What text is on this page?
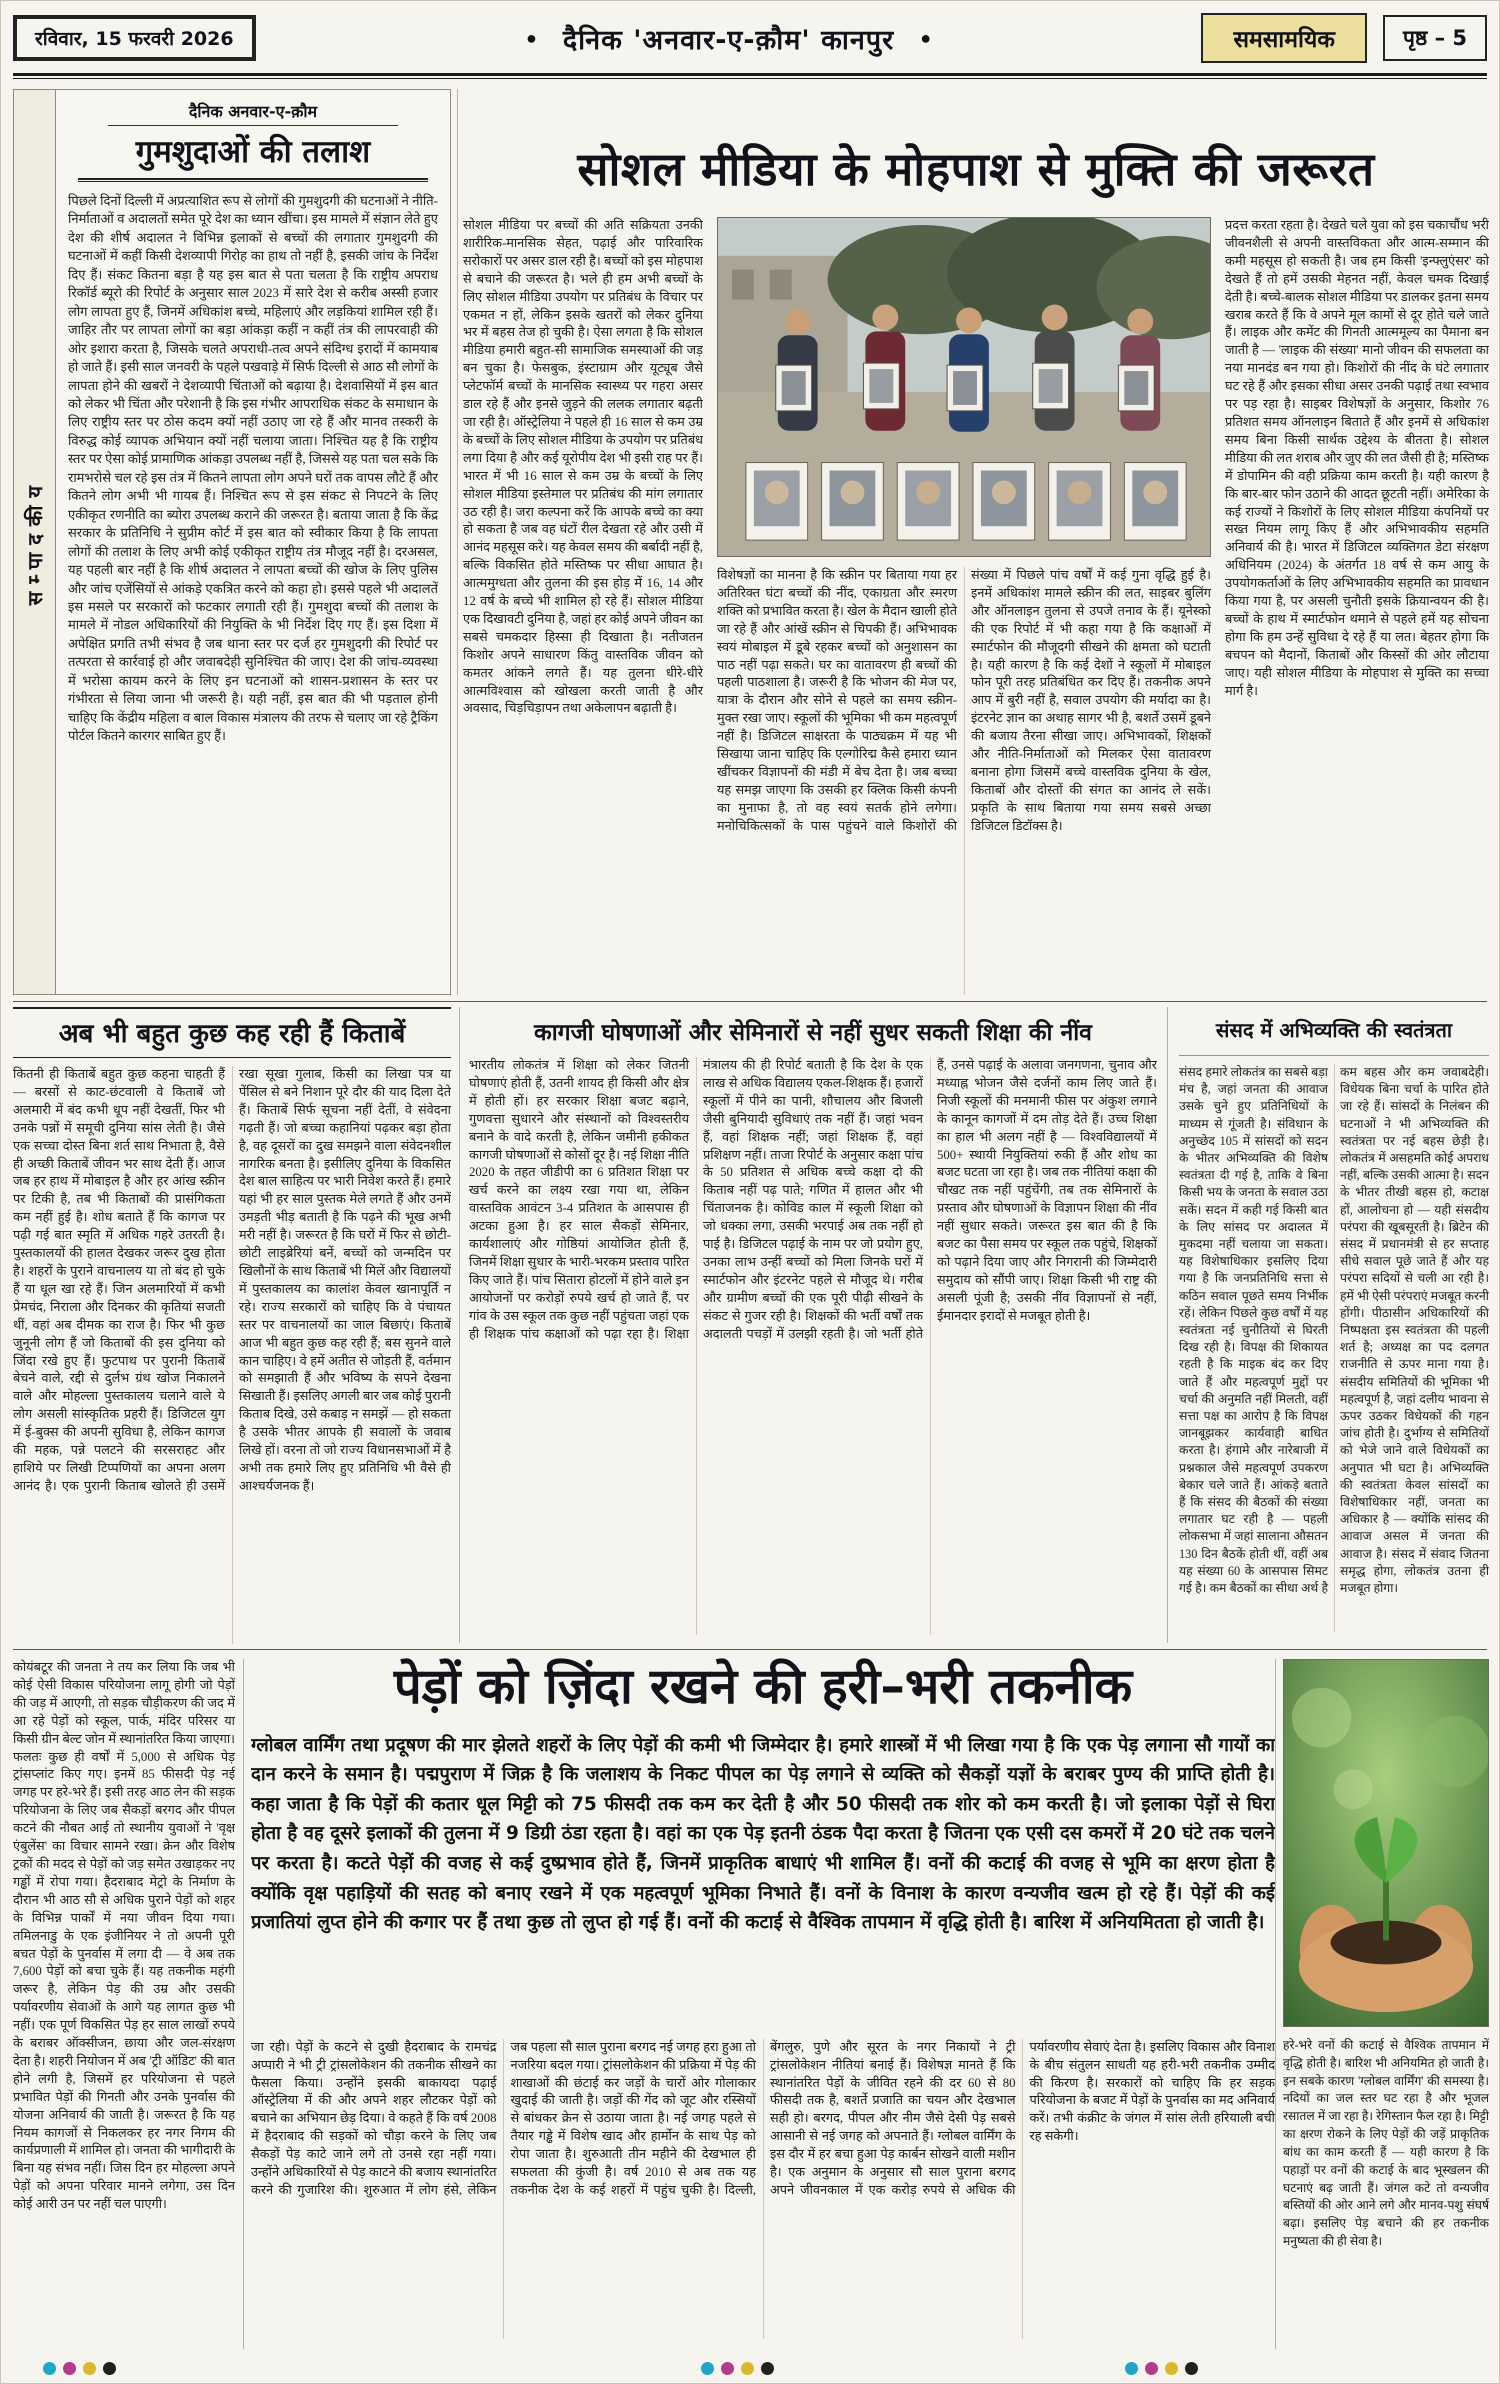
रविवार, 15 फरवरी 2026	● दैनिक 'अनवार-ए-क़ौम' कानपुर ●	समसामयिक	पृष्ठ – 5
सम्पादकीय
दैनिक अनवार-ए-क़ौम
गुमशुदाओं की तलाश
पिछले दिनों दिल्ली में अप्रत्याशित रूप से लोगों की गुमशुदगी की घटनाओं ने नीति-निर्माताओं व अदालतों समेत पूरे देश का ध्यान खींचा। इस मामले में संज्ञान लेते हुए देश की शीर्ष अदालत ने विभिन्न इलाकों से बच्चों की लगातार गुमशुदगी की घटनाओं में कहीं किसी देशव्यापी गिरोह का हाथ तो नहीं है, इसकी जांच के निर्देश दिए हैं। संकट कितना बड़ा है यह इस बात से पता चलता है कि राष्ट्रीय अपराध रिकॉर्ड ब्यूरो की रिपोर्ट के अनुसार साल 2023 में सारे देश से करीब अस्सी हजार लोग लापता हुए हैं, जिनमें अधिकांश बच्चे, महिलाएं और लड़कियां शामिल रही हैं। जाहिर तौर पर लापता लोगों का बड़ा आंकड़ा कहीं न कहीं तंत्र की लापरवाही की ओर इशारा करता है, जिसके चलते अपराधी-तत्व अपने संदिग्ध इरादों में कामयाब हो जाते हैं। इसी साल जनवरी के पहले पखवाड़े में सिर्फ दिल्ली से आठ सौ लोगों के लापता होने की खबरों ने देशव्यापी चिंताओं को बढ़ाया है। देशवासियों में इस बात को लेकर भी चिंता और परेशानी है कि इस गंभीर आपराधिक संकट के समाधान के लिए राष्ट्रीय स्तर पर ठोस कदम क्यों नहीं उठाए जा रहे हैं और मानव तस्करी के विरुद्ध कोई व्यापक अभियान क्यों नहीं चलाया जाता। निश्चित यह है कि राष्ट्रीय स्तर पर ऐसा कोई प्रामाणिक आंकड़ा उपलब्ध नहीं है, जिससे यह पता चल सके कि रामभरोसे चल रहे इस तंत्र में कितने लापता लोग अपने घरों तक वापस लौटे हैं और कितने लोग अभी भी गायब हैं। निश्चित रूप से इस संकट से निपटने के लिए एकीकृत रणनीति का ब्योरा उपलब्ध कराने की जरूरत है। बताया जाता है कि केंद्र सरकार के प्रतिनिधि ने सुप्रीम कोर्ट में इस बात को स्वीकार किया है कि लापता लोगों की तलाश के लिए अभी कोई एकीकृत राष्ट्रीय तंत्र मौजूद नहीं है। दरअसल, यह पहली बार नहीं है कि शीर्ष अदालत ने लापता बच्चों की खोज के लिए पुलिस और जांच एजेंसियों से आंकड़े एकत्रित करने को कहा हो। इससे पहले भी अदालतें इस मसले पर सरकारों को फटकार लगाती रही हैं। गुमशुदा बच्चों की तलाश के मामले में नोडल अधिकारियों की नियुक्ति के भी निर्देश दिए गए हैं। इस दिशा में अपेक्षित प्रगति तभी संभव है जब थाना स्तर पर दर्ज हर गुमशुदगी की रिपोर्ट पर तत्परता से कार्रवाई हो और जवाबदेही सुनिश्चित की जाए। देश की जांच-व्यवस्था में भरोसा कायम करने के लिए इन घटनाओं को शासन-प्रशासन के स्तर पर गंभीरता से लिया जाना भी जरूरी है। यही नहीं, इस बात की भी पड़ताल होनी चाहिए कि केंद्रीय महिला व बाल विकास मंत्रालय की तरफ से चलाए जा रहे ट्रैकिंग पोर्टल कितने कारगर साबित हुए हैं।
सोशल मीडिया के मोहपाश से मुक्ति की जरूरत
सोशल मीडिया पर बच्चों की अति सक्रियता उनकी शारीरिक-मानसिक सेहत, पढ़ाई और पारिवारिक सरोकारों पर असर डाल रही है। बच्चों को इस मोहपाश से बचाने की जरूरत है। भले ही हम अभी बच्चों के लिए सोशल मीडिया उपयोग पर प्रतिबंध के विचार पर एकमत न हों, लेकिन इसके खतरों को लेकर दुनिया भर में बहस तेज हो चुकी है। ऐसा लगता है कि सोशल मीडिया हमारी बहुत-सी सामाजिक समस्याओं की जड़ बन चुका है। फेसबुक, इंस्टाग्राम और यूट्यूब जैसे प्लेटफॉर्म बच्चों के मानसिक स्वास्थ्य पर गहरा असर डाल रहे हैं और इनसे जुड़ने की ललक लगातार बढ़ती जा रही है। ऑस्ट्रेलिया ने पहले ही 16 साल से कम उम्र के बच्चों के लिए सोशल मीडिया के उपयोग पर प्रतिबंध लगा दिया है और कई यूरोपीय देश भी इसी राह पर हैं। भारत में भी 16 साल से कम उम्र के बच्चों के लिए सोशल मीडिया इस्तेमाल पर प्रतिबंध की मांग लगातार उठ रही है। जरा कल्पना करें कि आपके बच्चे का क्या हो सकता है जब वह घंटों रील देखता रहे और उसी में आनंद महसूस करे। यह केवल समय की बर्बादी नहीं है, बल्कि विकसित होते मस्तिष्क पर सीधा आघात है। आत्ममुग्धता और तुलना की इस होड़ में 16, 14 और 12 वर्ष के बच्चे भी शामिल हो रहे हैं। सोशल मीडिया एक दिखावटी दुनिया है, जहां हर कोई अपने जीवन का सबसे चमकदार हिस्सा ही दिखाता है। नतीजतन किशोर अपने साधारण किंतु वास्तविक जीवन को कमतर आंकने लगते हैं। यह तुलना धीरे-धीरे आत्मविश्वास को खोखला करती जाती है और अवसाद, चिड़चिड़ापन तथा अकेलापन बढ़ाती है।
विशेषज्ञों का मानना है कि स्क्रीन पर बिताया गया हर अतिरिक्त घंटा बच्चों की नींद, एकाग्रता और स्मरण शक्ति को प्रभावित करता है। खेल के मैदान खाली होते जा रहे हैं और आंखें स्क्रीन से चिपकी हैं। अभिभावक स्वयं मोबाइल में डूबे रहकर बच्चों को अनुशासन का पाठ नहीं पढ़ा सकते। घर का वातावरण ही बच्चों की पहली पाठशाला है। जरूरी है कि भोजन की मेज पर, यात्रा के दौरान और सोने से पहले का समय स्क्रीन-मुक्त रखा जाए। स्कूलों की भूमिका भी कम महत्वपूर्ण नहीं है। डिजिटल साक्षरता के पाठ्यक्रम में यह भी सिखाया जाना चाहिए कि एल्गोरिद्म कैसे हमारा ध्यान खींचकर विज्ञापनों की मंडी में बेच देता है। जब बच्चा यह समझ जाएगा कि उसकी हर क्लिक किसी कंपनी का मुनाफा है, तो वह स्वयं सतर्क होने लगेगा। मनोचिकित्सकों के पास पहुंचने वाले किशोरों की संख्या में पिछले पांच वर्षों में कई गुना वृद्धि हुई है। इनमें अधिकांश मामले स्क्रीन की लत, साइबर बुलिंग और ऑनलाइन तुलना से उपजे तनाव के हैं। यूनेस्को की एक रिपोर्ट में भी कहा गया है कि कक्षाओं में स्मार्टफोन की मौजूदगी सीखने की क्षमता को घटाती है। यही कारण है कि कई देशों ने स्कूलों में मोबाइल फोन पूरी तरह प्रतिबंधित कर दिए हैं। तकनीक अपने आप में बुरी नहीं है, सवाल उपयोग की मर्यादा का है। इंटरनेट ज्ञान का अथाह सागर भी है, बशर्ते उसमें डूबने की बजाय तैरना सीखा जाए। अभिभावकों, शिक्षकों और नीति-निर्माताओं को मिलकर ऐसा वातावरण बनाना होगा जिसमें बच्चे वास्तविक दुनिया के खेल, किताबों और दोस्तों की संगत का आनंद ले सकें। प्रकृति के साथ बिताया गया समय सबसे अच्छा डिजिटल डिटॉक्स है।
प्रदत्त करता रहता है। देखते चले युवा को इस चकाचौंध भरी जीवनशैली से अपनी वास्तविकता और आत्म-सम्मान की कमी महसूस हो सकती है। जब हम किसी 'इन्फ्लुएंसर' को देखते हैं तो हमें उसकी मेहनत नहीं, केवल चमक दिखाई देती है। बच्चे-बालक सोशल मीडिया पर डालकर इतना समय खराब करते हैं कि वे अपने मूल कामों से दूर होते चले जाते हैं। लाइक और कमेंट की गिनती आत्ममूल्य का पैमाना बन जाती है — 'लाइक की संख्या' मानो जीवन की सफलता का नया मानदंड बन गया हो। किशोरों की नींद के घंटे लगातार घट रहे हैं और इसका सीधा असर उनकी पढ़ाई तथा स्वभाव पर पड़ रहा है। साइबर विशेषज्ञों के अनुसार, किशोर 76 प्रतिशत समय ऑनलाइन बिताते हैं और इनमें से अधिकांश समय बिना किसी सार्थक उद्देश्य के बीतता है। सोशल मीडिया की लत शराब और जुए की लत जैसी ही है; मस्तिष्क में डोपामिन की वही प्रक्रिया काम करती है। यही कारण है कि बार-बार फोन उठाने की आदत छूटती नहीं। अमेरिका के कई राज्यों ने किशोरों के लिए सोशल मीडिया कंपनियों पर सख्त नियम लागू किए हैं और अभिभावकीय सहमति अनिवार्य की है। भारत में डिजिटल व्यक्तिगत डेटा संरक्षण अधिनियम (2024) के अंतर्गत 18 वर्ष से कम आयु के उपयोगकर्ताओं के लिए अभिभावकीय सहमति का प्रावधान किया गया है, पर असली चुनौती इसके क्रियान्वयन की है। बच्चों के हाथ में स्मार्टफोन थमाने से पहले हमें यह सोचना होगा कि हम उन्हें सुविधा दे रहे हैं या लत। बेहतर होगा कि बचपन को मैदानों, किताबों और किस्सों की ओर लौटाया जाए। यही सोशल मीडिया के मोहपाश से मुक्ति का सच्चा मार्ग है।
अब भी बहुत कुछ कह रही हैं किताबें
कितनी ही किताबें बहुत कुछ कहना चाहती हैं — बरसों से काट-छंटवाली वे किताबें जो अलमारी में बंद कभी धूप नहीं देखतीं, फिर भी उनके पन्नों में समूची दुनिया सांस लेती है। जैसे एक सच्चा दोस्त बिना शर्त साथ निभाता है, वैसे ही अच्छी किताबें जीवन भर साथ देती हैं। आज जब हर हाथ में मोबाइल है और हर आंख स्क्रीन पर टिकी है, तब भी किताबों की प्रासंगिकता कम नहीं हुई है। शोध बताते हैं कि कागज पर पढ़ी गई बात स्मृति में अधिक गहरे उतरती है। पुस्तकालयों की हालत देखकर जरूर दुख होता है। शहरों के पुराने वाचनालय या तो बंद हो चुके हैं या धूल खा रहे हैं। जिन अलमारियों में कभी प्रेमचंद, निराला और दिनकर की कृतियां सजती थीं, वहां अब दीमक का राज है। फिर भी कुछ जुनूनी लोग हैं जो किताबों की इस दुनिया को जिंदा रखे हुए हैं। फुटपाथ पर पुरानी किताबें बेचने वाले, रद्दी से दुर्लभ ग्रंथ खोज निकालने वाले और मोहल्ला पुस्तकालय चलाने वाले ये लोग असली सांस्कृतिक प्रहरी हैं। डिजिटल युग में ई-बुक्स की अपनी सुविधा है, लेकिन कागज की महक, पन्ने पलटने की सरसराहट और हाशिये पर लिखी टिप्पणियों का अपना अलग आनंद है। एक पुरानी किताब खोलते ही उसमें रखा सूखा गुलाब, किसी का लिखा पत्र या पेंसिल से बने निशान पूरे दौर की याद दिला देते हैं। किताबें सिर्फ सूचना नहीं देतीं, वे संवेदना गढ़ती हैं। जो बच्चा कहानियां पढ़कर बड़ा होता है, वह दूसरों का दुख समझने वाला संवेदनशील नागरिक बनता है। इसीलिए दुनिया के विकसित देश बाल साहित्य पर भारी निवेश करते हैं। हमारे यहां भी हर साल पुस्तक मेले लगते हैं और उनमें उमड़ती भीड़ बताती है कि पढ़ने की भूख अभी मरी नहीं है। जरूरत है कि घरों में फिर से छोटी-छोटी लाइब्रेरियां बनें, बच्चों को जन्मदिन पर खिलौनों के साथ किताबें भी मिलें और विद्यालयों में पुस्तकालय का कालांश केवल खानापूर्ति न रहे। राज्य सरकारों को चाहिए कि वे पंचायत स्तर पर वाचनालयों का जाल बिछाएं। किताबें आज भी बहुत कुछ कह रही हैं; बस सुनने वाले कान चाहिए। वे हमें अतीत से जोड़ती हैं, वर्तमान को समझाती हैं और भविष्य के सपने देखना सिखाती हैं। इसलिए अगली बार जब कोई पुरानी किताब दिखे, उसे कबाड़ न समझें — हो सकता है उसके भीतर आपके ही सवालों के जवाब लिखे हों। वरना तो जो राज्य विधानसभाओं में है अभी तक हमारे लिए हुए प्रतिनिधि भी वैसे ही आश्चर्यजनक हैं।
कागजी घोषणाओं और सेमिनारों से नहीं सुधर सकती शिक्षा की नींव
भारतीय लोकतंत्र में शिक्षा को लेकर जितनी घोषणाएं होती हैं, उतनी शायद ही किसी और क्षेत्र में होती हों। हर सरकार शिक्षा बजट बढ़ाने, गुणवत्ता सुधारने और संस्थानों को विश्वस्तरीय बनाने के वादे करती है, लेकिन जमीनी हकीकत कागजी घोषणाओं से कोसों दूर है। नई शिक्षा नीति 2020 के तहत जीडीपी का 6 प्रतिशत शिक्षा पर खर्च करने का लक्ष्य रखा गया था, लेकिन वास्तविक आवंटन 3-4 प्रतिशत के आसपास ही अटका हुआ है। हर साल सैकड़ों सेमिनार, कार्यशालाएं और गोष्ठियां आयोजित होती हैं, जिनमें शिक्षा सुधार के भारी-भरकम प्रस्ताव पारित किए जाते हैं। पांच सितारा होटलों में होने वाले इन आयोजनों पर करोड़ों रुपये खर्च हो जाते हैं, पर गांव के उस स्कूल तक कुछ नहीं पहुंचता जहां एक ही शिक्षक पांच कक्षाओं को पढ़ा रहा है। शिक्षा मंत्रालय की ही रिपोर्ट बताती है कि देश के एक लाख से अधिक विद्यालय एकल-शिक्षक हैं। हजारों स्कूलों में पीने का पानी, शौचालय और बिजली जैसी बुनियादी सुविधाएं तक नहीं हैं। जहां भवन हैं, वहां शिक्षक नहीं; जहां शिक्षक हैं, वहां प्रशिक्षण नहीं। ताजा रिपोर्ट के अनुसार कक्षा पांच के 50 प्रतिशत से अधिक बच्चे कक्षा दो की किताब नहीं पढ़ पाते; गणित में हालत और भी चिंताजनक है। कोविड काल में स्कूली शिक्षा को जो धक्का लगा, उसकी भरपाई अब तक नहीं हो पाई है। डिजिटल पढ़ाई के नाम पर जो प्रयोग हुए, उनका लाभ उन्हीं बच्चों को मिला जिनके घरों में स्मार्टफोन और इंटरनेट पहले से मौजूद थे। गरीब और ग्रामीण बच्चों की एक पूरी पीढ़ी सीखने के संकट से गुजर रही है। शिक्षकों की भर्ती वर्षों तक अदालती पचड़ों में उलझी रहती है। जो भर्ती होते हैं, उनसे पढ़ाई के अलावा जनगणना, चुनाव और मध्याह्न भोजन जैसे दर्जनों काम लिए जाते हैं। निजी स्कूलों की मनमानी फीस पर अंकुश लगाने के कानून कागजों में दम तोड़ देते हैं। उच्च शिक्षा का हाल भी अलग नहीं है — विश्वविद्यालयों में 500+ स्थायी नियुक्तियां रुकी हैं और शोध का बजट घटता जा रहा है। जब तक नीतियां कक्षा की चौखट तक नहीं पहुंचेंगी, तब तक सेमिनारों के प्रस्ताव और घोषणाओं के विज्ञापन शिक्षा की नींव नहीं सुधार सकते। जरूरत इस बात की है कि बजट का पैसा समय पर स्कूल तक पहुंचे, शिक्षकों को पढ़ाने दिया जाए और निगरानी की जिम्मेदारी समुदाय को सौंपी जाए। शिक्षा किसी भी राष्ट्र की असली पूंजी है; उसकी नींव विज्ञापनों से नहीं, ईमानदार इरादों से मजबूत होती है।
संसद में अभिव्यक्ति की स्वतंत्रता
संसद हमारे लोकतंत्र का सबसे बड़ा मंच है, जहां जनता की आवाज उसके चुने हुए प्रतिनिधियों के माध्यम से गूंजती है। संविधान के अनुच्छेद 105 में सांसदों को सदन के भीतर अभिव्यक्ति की विशेष स्वतंत्रता दी गई है, ताकि वे बिना किसी भय के जनता के सवाल उठा सकें। सदन में कही गई किसी बात के लिए सांसद पर अदालत में मुकदमा नहीं चलाया जा सकता। यह विशेषाधिकार इसलिए दिया गया है कि जनप्रतिनिधि सत्ता से कठिन सवाल पूछते समय निर्भीक रहें। लेकिन पिछले कुछ वर्षों में यह स्वतंत्रता नई चुनौतियों से घिरती दिख रही है। विपक्ष की शिकायत रहती है कि माइक बंद कर दिए जाते हैं और महत्वपूर्ण मुद्दों पर चर्चा की अनुमति नहीं मिलती, वहीं सत्ता पक्ष का आरोप है कि विपक्ष जानबूझकर कार्यवाही बाधित करता है। हंगामे और नारेबाजी में प्रश्नकाल जैसे महत्वपूर्ण उपकरण बेकार चले जाते हैं। आंकड़े बताते हैं कि संसद की बैठकों की संख्या लगातार घट रही है — पहली लोकसभा में जहां सालाना औसतन 130 दिन बैठकें होती थीं, वहीं अब यह संख्या 60 के आसपास सिमट गई है। कम बैठकों का सीधा अर्थ है कम बहस और कम जवाबदेही। विधेयक बिना चर्चा के पारित होते जा रहे हैं। सांसदों के निलंबन की घटनाओं ने भी अभिव्यक्ति की स्वतंत्रता पर नई बहस छेड़ी है। लोकतंत्र में असहमति कोई अपराध नहीं, बल्कि उसकी आत्मा है। सदन के भीतर तीखी बहस हो, कटाक्ष हों, आलोचना हो — यही संसदीय परंपरा की खूबसूरती है। ब्रिटेन की संसद में प्रधानमंत्री से हर सप्ताह सीधे सवाल पूछे जाते हैं और यह परंपरा सदियों से चली आ रही है। हमें भी ऐसी परंपराएं मजबूत करनी होंगी। पीठासीन अधिकारियों की निष्पक्षता इस स्वतंत्रता की पहली शर्त है; अध्यक्ष का पद दलगत राजनीति से ऊपर माना गया है। संसदीय समितियों की भूमिका भी महत्वपूर्ण है, जहां दलीय भावना से ऊपर उठकर विधेयकों की गहन जांच होती है। दुर्भाग्य से समितियों को भेजे जाने वाले विधेयकों का अनुपात भी घटा है। अभिव्यक्ति की स्वतंत्रता केवल सांसदों का विशेषाधिकार नहीं, जनता का अधिकार है — क्योंकि सांसद की आवाज असल में जनता की आवाज है। संसद में संवाद जितना समृद्ध होगा, लोकतंत्र उतना ही मजबूत होगा।
कोयंबटूर की जनता ने तय कर लिया कि जब भी कोई ऐसी विकास परियोजना लागू होगी जो पेड़ों की जड़ में आएगी, तो सड़क चौड़ीकरण की जद में आ रहे पेड़ों को स्कूल, पार्क, मंदिर परिसर या किसी ग्रीन बेल्ट जोन में स्थानांतरित किया जाएगा। फलतः कुछ ही वर्षों में 5,000 से अधिक पेड़ ट्रांसप्लांट किए गए। इनमें 85 फीसदी पेड़ नई जगह पर हरे-भरे हैं। इसी तरह आठ लेन की सड़क परियोजना के लिए जब सैकड़ों बरगद और पीपल कटने की नौबत आई तो स्थानीय युवाओं ने 'वृक्ष एंबुलेंस' का विचार सामने रखा। क्रेन और विशेष ट्रकों की मदद से पेड़ों को जड़ समेत उखाड़कर नए गड्ढों में रोपा गया। हैदराबाद मेट्रो के निर्माण के दौरान भी आठ सौ से अधिक पुराने पेड़ों को शहर के विभिन्न पार्कों में नया जीवन दिया गया। तमिलनाडु के एक इंजीनियर ने तो अपनी पूरी बचत पेड़ों के पुनर्वास में लगा दी — वे अब तक 7,600 पेड़ों को बचा चुके हैं। यह तकनीक महंगी जरूर है, लेकिन पेड़ की उम्र और उसकी पर्यावरणीय सेवाओं के आगे यह लागत कुछ भी नहीं। एक पूर्ण विकसित पेड़ हर साल लाखों रुपये के बराबर ऑक्सीजन, छाया और जल-संरक्षण देता है। शहरी नियोजन में अब 'ट्री ऑडिट' की बात होने लगी है, जिसमें हर परियोजना से पहले प्रभावित पेड़ों की गिनती और उनके पुनर्वास की योजना अनिवार्य की जाती है। जरूरत है कि यह नियम कागजों से निकलकर हर नगर निगम की कार्यप्रणाली में शामिल हो। जनता की भागीदारी के बिना यह संभव नहीं। जिस दिन हर मोहल्ला अपने पेड़ों को अपना परिवार मानने लगेगा, उस दिन कोई आरी उन पर नहीं चल पाएगी।
पेड़ों को ज़िंदा रखने की हरी–भरी तकनीक
ग्लोबल वार्मिंग तथा प्रदूषण की मार झेलते शहरों के लिए पेड़ों की कमी भी जिम्मेदार है। हमारे शास्त्रों में भी लिखा गया है कि एक पेड़ लगाना सौ गायों का दान करने के समान है। पद्मपुराण में जिक्र है कि जलाशय के निकट पीपल का पेड़ लगाने से व्यक्ति को सैकड़ों यज्ञों के बराबर पुण्य की प्राप्ति होती है। कहा जाता है कि पेड़ों की कतार धूल मिट्टी को 75 फीसदी तक कम कर देती है और 50 फीसदी तक शोर को कम करती है। जो इलाका पेड़ों से घिरा होता है वह दूसरे इलाकों की तुलना में 9 डिग्री ठंडा रहता है। वहां का एक पेड़ इतनी ठंडक पैदा करता है जितना एक एसी दस कमरों में 20 घंटे तक चलने पर करता है। कटते पेड़ों की वजह से कई दुष्प्रभाव होते हैं, जिनमें प्राकृतिक बाधाएं भी शामिल हैं। वनों की कटाई की वजह से भूमि का क्षरण होता है क्योंकि वृक्ष पहाड़ियों की सतह को बनाए रखने में एक महत्वपूर्ण भूमिका निभाते हैं। वनों के विनाश के कारण वन्यजीव खत्म हो रहे हैं। पेड़ों की कई प्रजातियां लुप्त होने की कगार पर हैं तथा कुछ तो लुप्त हो गई हैं। वनों की कटाई से वैश्विक तापमान में वृद्धि होती है। बारिश में अनियमितता हो जाती है।
जा रही। पेड़ों के कटने से दुखी हैदराबाद के रामचंद्र अप्पारी ने भी ट्री ट्रांसलोकेशन की तकनीक सीखने का फैसला किया। उन्होंने इसकी बाकायदा पढ़ाई ऑस्ट्रेलिया में की और अपने शहर लौटकर पेड़ों को बचाने का अभियान छेड़ दिया। वे कहते हैं कि वर्ष 2008 में हैदराबाद की सड़कों को चौड़ा करने के लिए जब सैकड़ों पेड़ काटे जाने लगे तो उनसे रहा नहीं गया। उन्होंने अधिकारियों से पेड़ काटने की बजाय स्थानांतरित करने की गुजारिश की। शुरुआत में लोग हंसे, लेकिन जब पहला सौ साल पुराना बरगद नई जगह हरा हुआ तो नजरिया बदल गया। ट्रांसलोकेशन की प्रक्रिया में पेड़ की शाखाओं की छंटाई कर जड़ों के चारों ओर गोलाकार खुदाई की जाती है। जड़ों की गेंद को जूट और रस्सियों से बांधकर क्रेन से उठाया जाता है। नई जगह पहले से तैयार गड्ढे में विशेष खाद और हार्मोन के साथ पेड़ को रोपा जाता है। शुरुआती तीन महीने की देखभाल ही सफलता की कुंजी है। वर्ष 2010 से अब तक यह तकनीक देश के कई शहरों में पहुंच चुकी है। दिल्ली, बेंगलुरु, पुणे और सूरत के नगर निकायों ने ट्री ट्रांसलोकेशन नीतियां बनाई हैं। विशेषज्ञ मानते हैं कि स्थानांतरित पेड़ों के जीवित रहने की दर 60 से 80 फीसदी तक है, बशर्ते प्रजाति का चयन और देखभाल सही हो। बरगद, पीपल और नीम जैसे देसी पेड़ सबसे आसानी से नई जगह को अपनाते हैं। ग्लोबल वार्मिंग के इस दौर में हर बचा हुआ पेड़ कार्बन सोखने वाली मशीन है। एक अनुमान के अनुसार सौ साल पुराना बरगद अपने जीवनकाल में एक करोड़ रुपये से अधिक की पर्यावरणीय सेवाएं देता है। इसलिए विकास और विनाश के बीच संतुलन साधती यह हरी-भरी तकनीक उम्मीद की किरण है। सरकारों को चाहिए कि हर सड़क परियोजना के बजट में पेड़ों के पुनर्वास का मद अनिवार्य करें। तभी कंक्रीट के जंगल में सांस लेती हरियाली बची रह सकेगी।
हरे-भरे वनों की कटाई से वैश्विक तापमान में वृद्धि होती है। बारिश भी अनियमित हो जाती है। इन सबके कारण 'ग्लोबल वार्मिंग' की समस्या है। नदियों का जल स्तर घट रहा है और भूजल रसातल में जा रहा है। रेगिस्तान फैल रहा है। मिट्टी का क्षरण रोकने के लिए पेड़ों की जड़ें प्राकृतिक बांध का काम करती हैं — यही कारण है कि पहाड़ों पर वनों की कटाई के बाद भूस्खलन की घटनाएं बढ़ जाती हैं। जंगल कटे तो वन्यजीव बस्तियों की ओर आने लगे और मानव-पशु संघर्ष बढ़ा। इसलिए पेड़ बचाने की हर तकनीक मनुष्यता की ही सेवा है।
